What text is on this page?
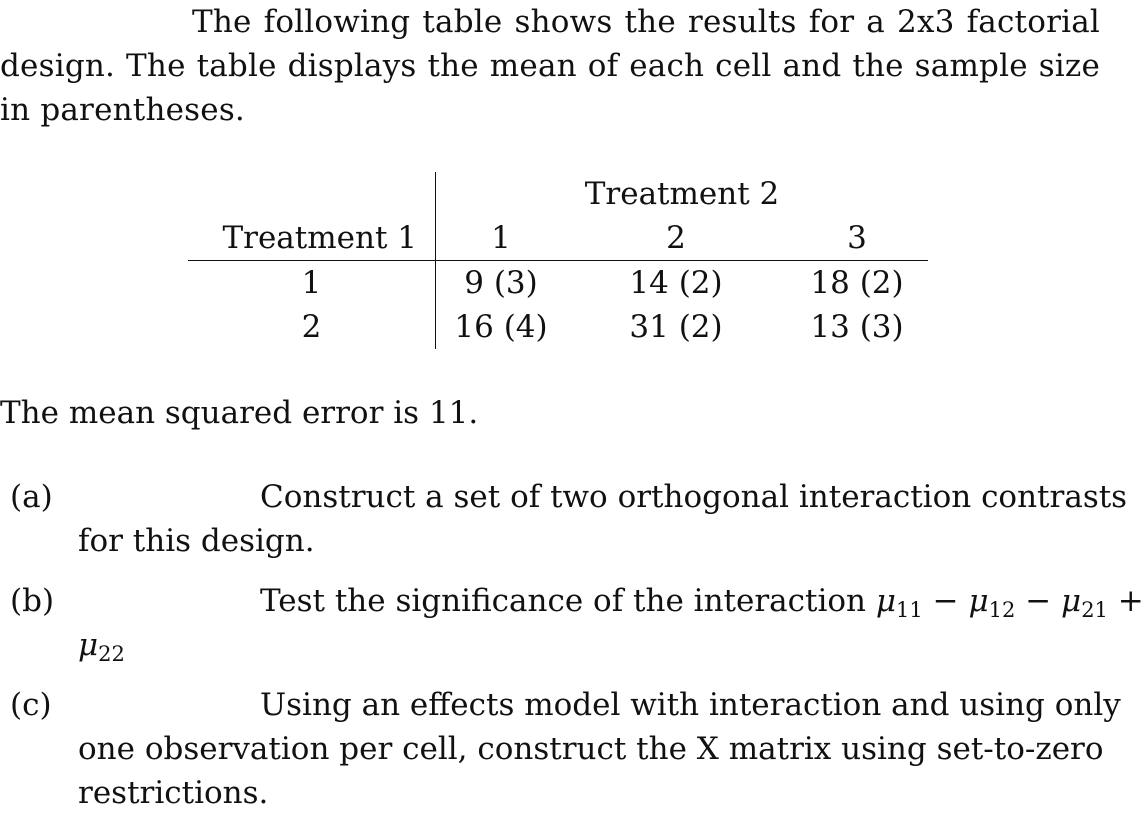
The following table shows the results for a 2x3 factorial design. The table displays the mean of each cell and the sample size in parentheses.
	Treatment 2		
Treatment 1	1	2	3
1	9 (3)	14 (2)	18 (2)
2	16 (4)	31 (2)	13 (3)
The mean squared error is 11.
(a)	Construct a set of two orthogonal interaction contrasts
for this design.
(b)	Test the significance of the interaction $\mu_{11} - \mu_{12} - \mu_{21}$ +
$\mu_{22}$
(c)	Using an effects model with interaction and using only
one observation per cell, construct the X matrix using set-to-zero
restrictions.
